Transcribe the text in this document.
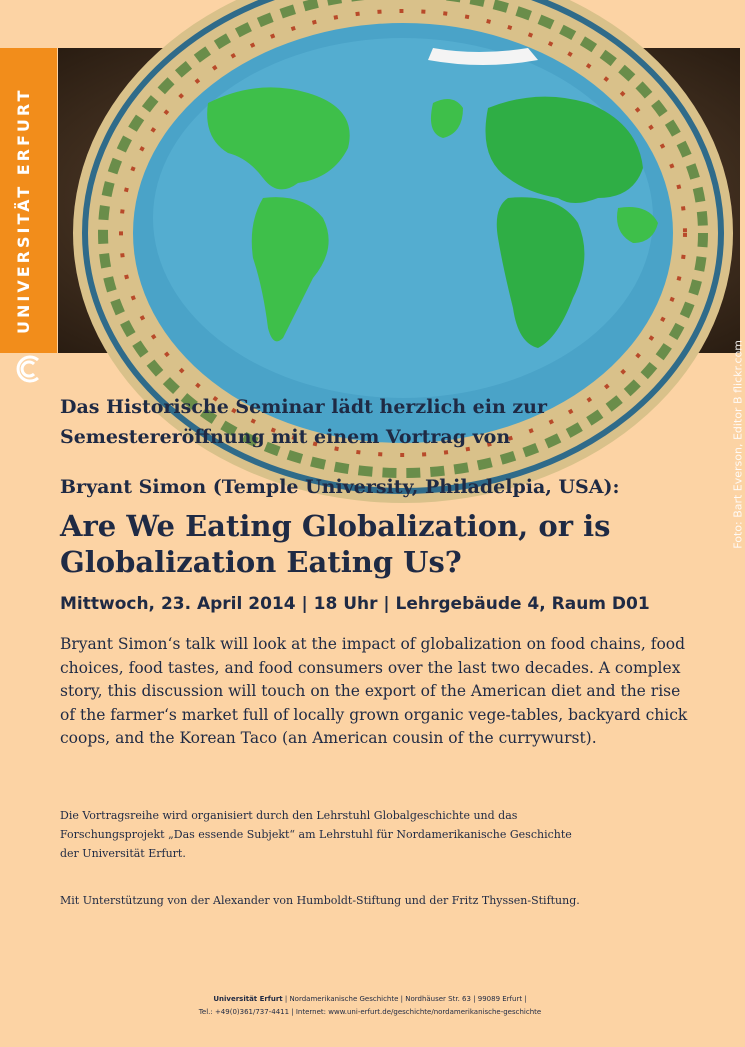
UNIVERSITÄT ERFURT
Foto: Bart Everson, Editor B flickr.com

Das Historische Seminar lädt herzlich ein zur
Semestereröffnung mit einem Vortrag von

Bryant Simon (Temple University, Philadelpia, USA):

Are We Eating Globalization, or is
Globalization Eating Us?

Mittwoch, 23. April 2014 | 18 Uhr | Lehrgebäude 4, Raum D01

Bryant Simon‘s talk will look at the impact of globalization on food chains, food choices, food tastes, and food consumers over the last two decades. A complex story, this discussion will touch on the export of the American diet and the rise of the farmer‘s market full of locally grown organic vege-tables, backyard chick coops, and the Korean Taco (an American cousin of the currywurst).

Die Vortragsreihe wird organisiert durch den Lehrstuhl Globalgeschichte und das
Forschungsprojekt „Das essende Subjekt“ am Lehrstuhl für Nordamerikanische Geschichte
der Universität Erfurt.

Mit Unterstützung von der Alexander von Humboldt-Stiftung und der Fritz Thyssen-Stiftung.

Universität Erfurt | Nordamerikanische Geschichte | Nordhäuser Str. 63 | 99089 Erfurt |
Tel.: +49(0)361/737-4411 | Internet: www.uni-erfurt.de/geschichte/nordamerikanische-geschichte
